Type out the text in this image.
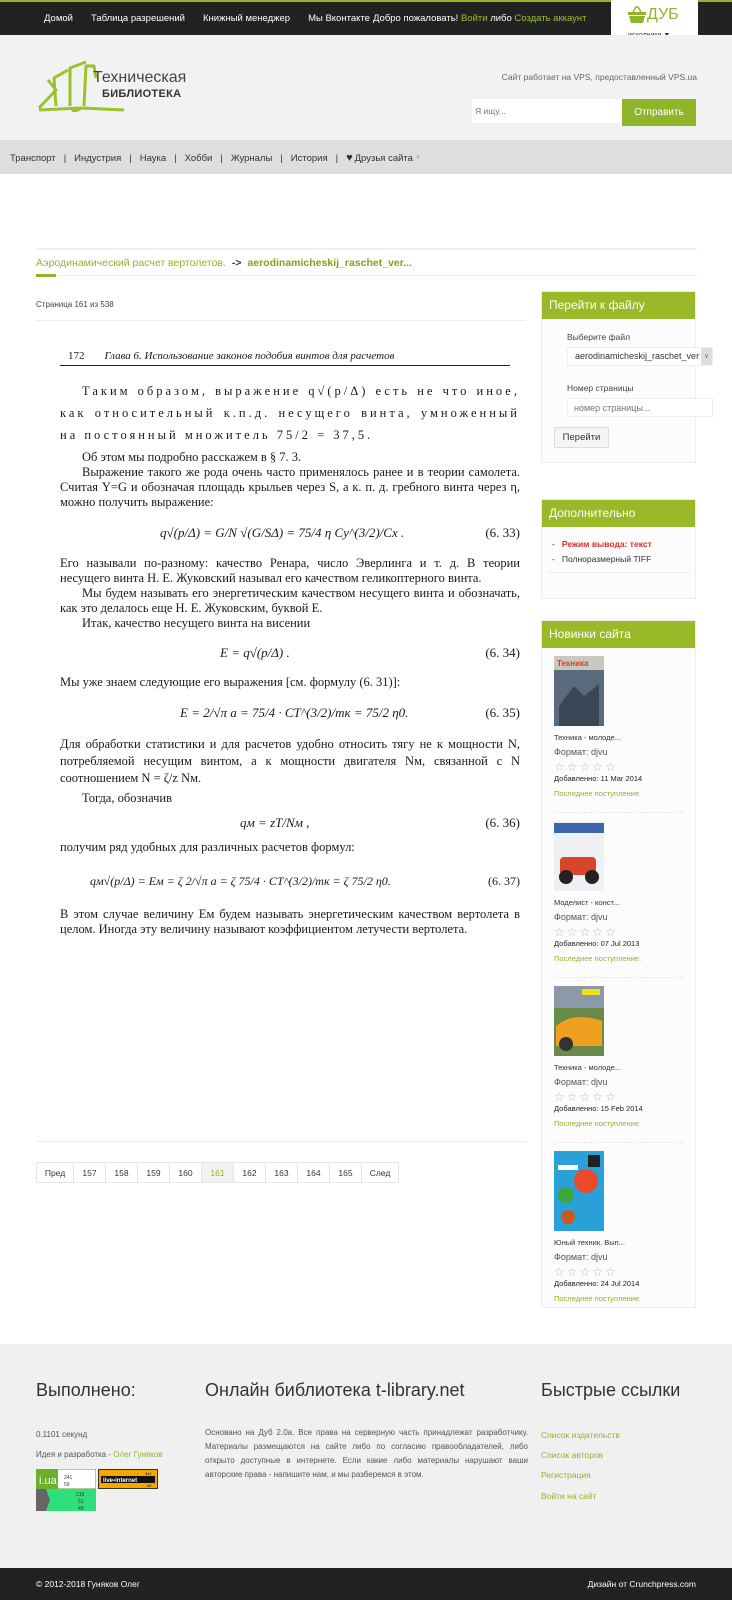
Домой Таблица разрешений Книжный менеджер Мы Вконтакте Добро пожаловать! Войти либо Создать аккаунт	ДУБ
Техническая
БИБЛИОТЕКА
Сайт работает на VPS, предоставленный VPS.ua
Я ищу...
Отправить
Транспорт | Индустрия | Наука | Хобби | Журналы | История | ♥ Друзья сайта ▼
Аэродинамический расчет вертолетов. -> aerodinamicheskij_raschet_ver...
Страница 161 из 538
172 Глава 6. Использование законов подобия винтов для расчетов

Таким образом, выражение q√(p/Δ) есть не что иное, как относительный к.п.д. несущего винта, умноженный на постоянный множитель 75/2 = 37,5.

Об этом мы подробно расскажем в § 7. 3.

Выражение такого же рода очень часто применялось ранее и в теории самолета. Считая Y=G и обозначая площадь крыльев через S, а к. п. д. гребного винта через η, можно получить выражение:

q√(p/Δ) = G/N √(G/SΔ) = 75/4 η Cy^(3/2)/Cx .	(6. 33)

Его называли по-разному: качество Ренара, число Эверлинга и т. д. В теории несущего винта Н. Е. Жуковский называл его качеством геликоптерного винта.

Мы будем называть его энергетическим качеством несущего винта и обозначать, как это делалось еще Н. Е. Жуковским, буквой E.

Итак, качество несущего винта на висении

E = q√(p/Δ) .	(6. 34)

Мы уже знаем следующие его выражения [см. формулу (6. 31)]:

E = 2/√π a = 75/4 · CT^(3/2)/mк = 75/2 η0.	(6. 35)

Для обработки статистики и для расчетов удобно относить тягу не к мощности N, потребляемой несущим винтом, а к мощности двигателя Nм, связанной с N соотношением N = ζ/z Nм.

Тогда, обозначив

qм = zT/Nм ,	(6. 36)

получим ряд удобных для различных расчетов формул:

qм√(p/Δ) = Eм = ζ 2/√π a = ζ 75/4 · CT^(3/2)/mк = ζ 75/2 η0.	(6. 37)

В этом случае величину Eм будем называть энергетическим качеством вертолета в целом. Иногда эту величину называют коэффициентом летучести вертолета.

Пред	157	158	159	160	161	162	163	164	165	След
Перейти к файлу
Выберите файл
aerodinamicheskij_raschet_ver ∨
Номер страницы
номер страницы...
Перейти
Дополнительно
- Режим вывода: текст
- Полноразмерный TIFF
Новинки сайта
Техника
Техника - молоде...
Формат: djvu
☆ ☆ ☆ ☆ ☆
Добавленно: 11 Mar 2014
Последнее поступление.
Моделист - конст...
Формат: djvu
☆ ☆ ☆ ☆ ☆
Добавленно: 07 Jul 2013
Последнее поступление.
Техника - молоде...
Формат: djvu
☆ ☆ ☆ ☆ ☆
Добавленно: 15 Feb 2014
Последнее поступление.
Юный техник. Вып...
Формат: djvu
☆ ☆ ☆ ☆ ☆
Добавленно: 24 Jul 2014
Последнее поступление.
Выполнено:
0.1101 секунд
Идея и разработка - Олег Гуняков
i.ua 241
59
216
51
49
live▪internet
341
66
Онлайн библиотека t-library.net
Основано на Дуб 2.0а. Все права на серверную часть принадлежат разработчику. Материалы размещаются на сайте либо по согласию правообладателей, либо открыто доступные в интернете. Если какие либо материалы нарушают ваши авторские права - напишите нам, и мы разберемся в этом.
Быстрые ссылки
Список издательств
Список авторов
Регистрация
Войти на сайт
© 2012-2018 Гуняков Олег	Дизайн от Crunchpress.com
